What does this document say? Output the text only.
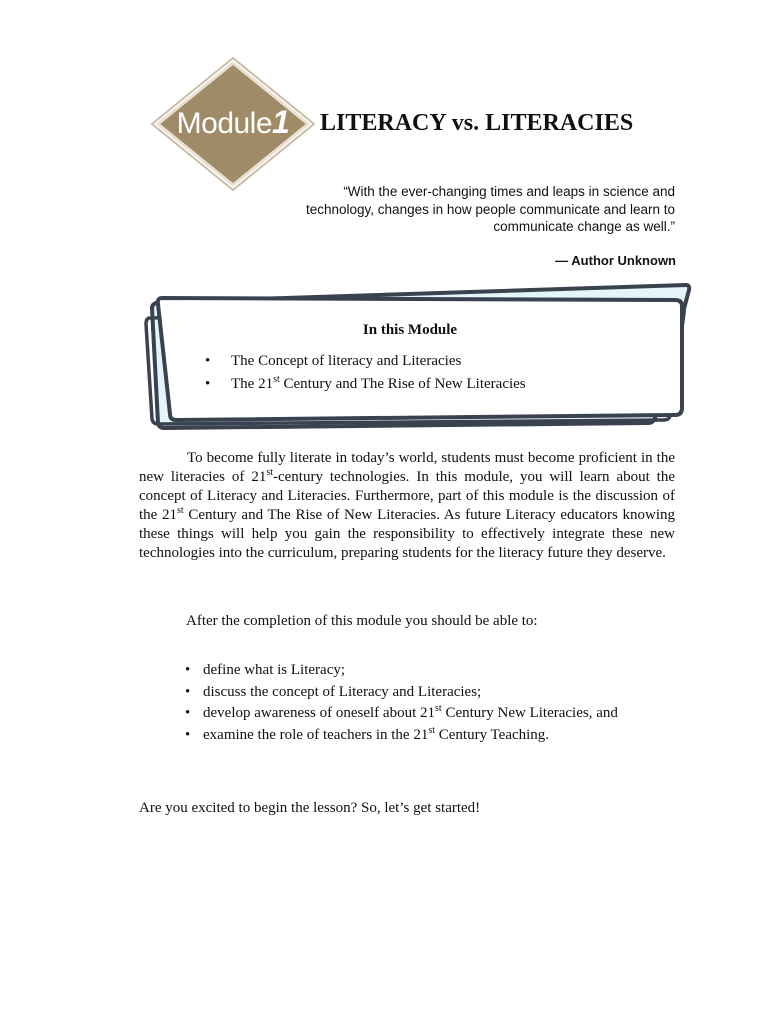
Module1	LITERACY vs. LITERACIES
“With the ever-changing times and leaps in science and
technology, changes in how people communicate and learn to
communicate change as well.”
— Author Unknown
In this Module
• The Concept of literacy and Literacies
• The 21st Century and The Rise of New Literacies

To become fully literate in today’s world, students must become proficient in the new literacies of 21st-century technologies. In this module, you will learn about the concept of Literacy and Literacies. Furthermore, part of this module is the discussion of the 21st Century and The Rise of New Literacies. As future Literacy educators knowing these things will help you gain the responsibility to effectively integrate these new technologies into the curriculum, preparing students for the literacy future they deserve.

After the completion of this module you should be able to:
• define what is Literacy;
• discuss the concept of Literacy and Literacies;
• develop awareness of oneself about 21st Century New Literacies, and
• examine the role of teachers in the 21st Century Teaching.
Are you excited to begin the lesson? So, let’s get started!
